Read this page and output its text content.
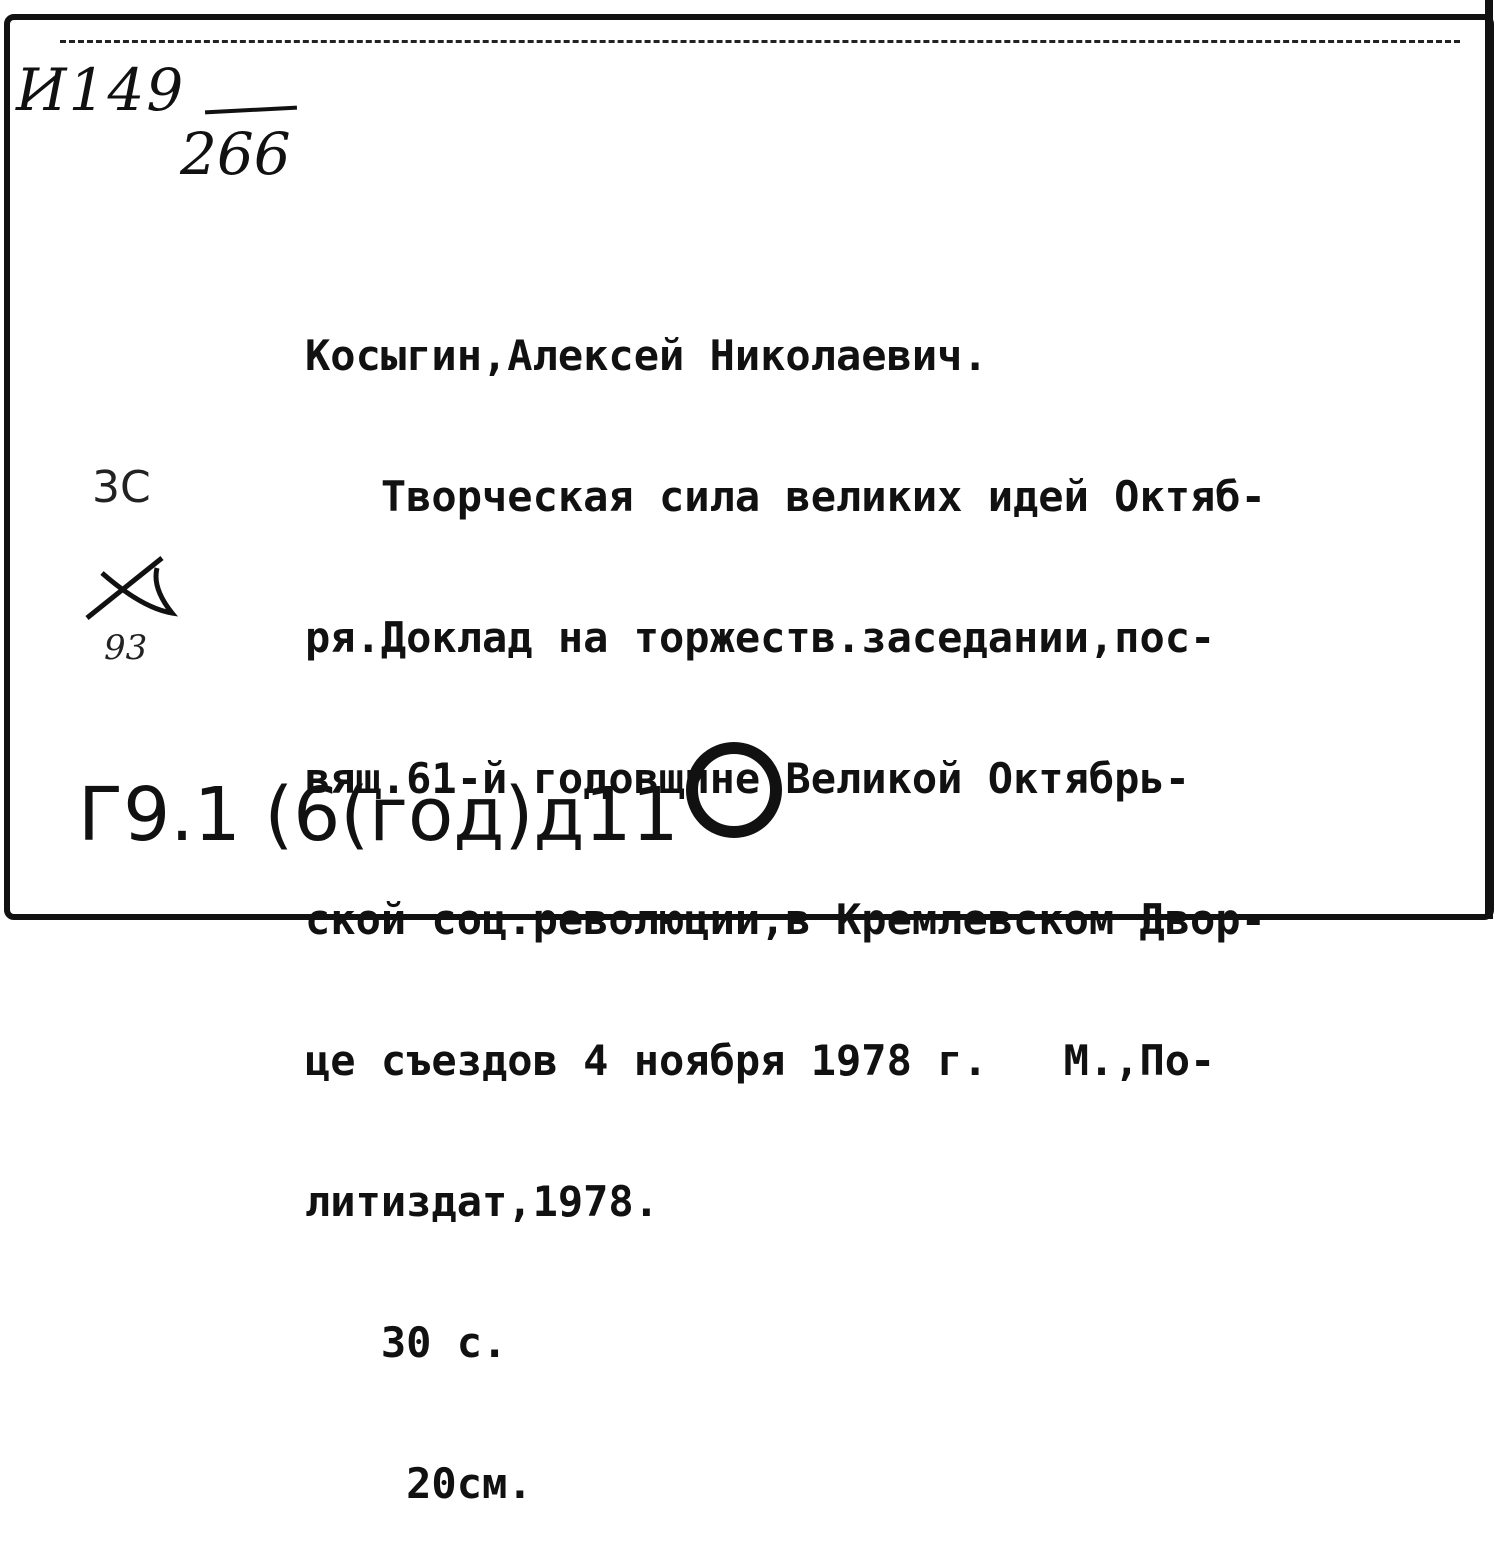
И149
266

Косыгин,Алексей Николаевич.

Творческая сила великих идей Октяб-

ря.Доклад на торжеств.заседании,пос-

вящ.61-й годовщине Великой Октябрь-

ской соц.революции,в Кремлевском Двор-

це съездов 4 ноября 1978 г.   М.,По-

литиздат,1978.

30 с.

20см.

3С
93
Г9.1 (6(год)д11
